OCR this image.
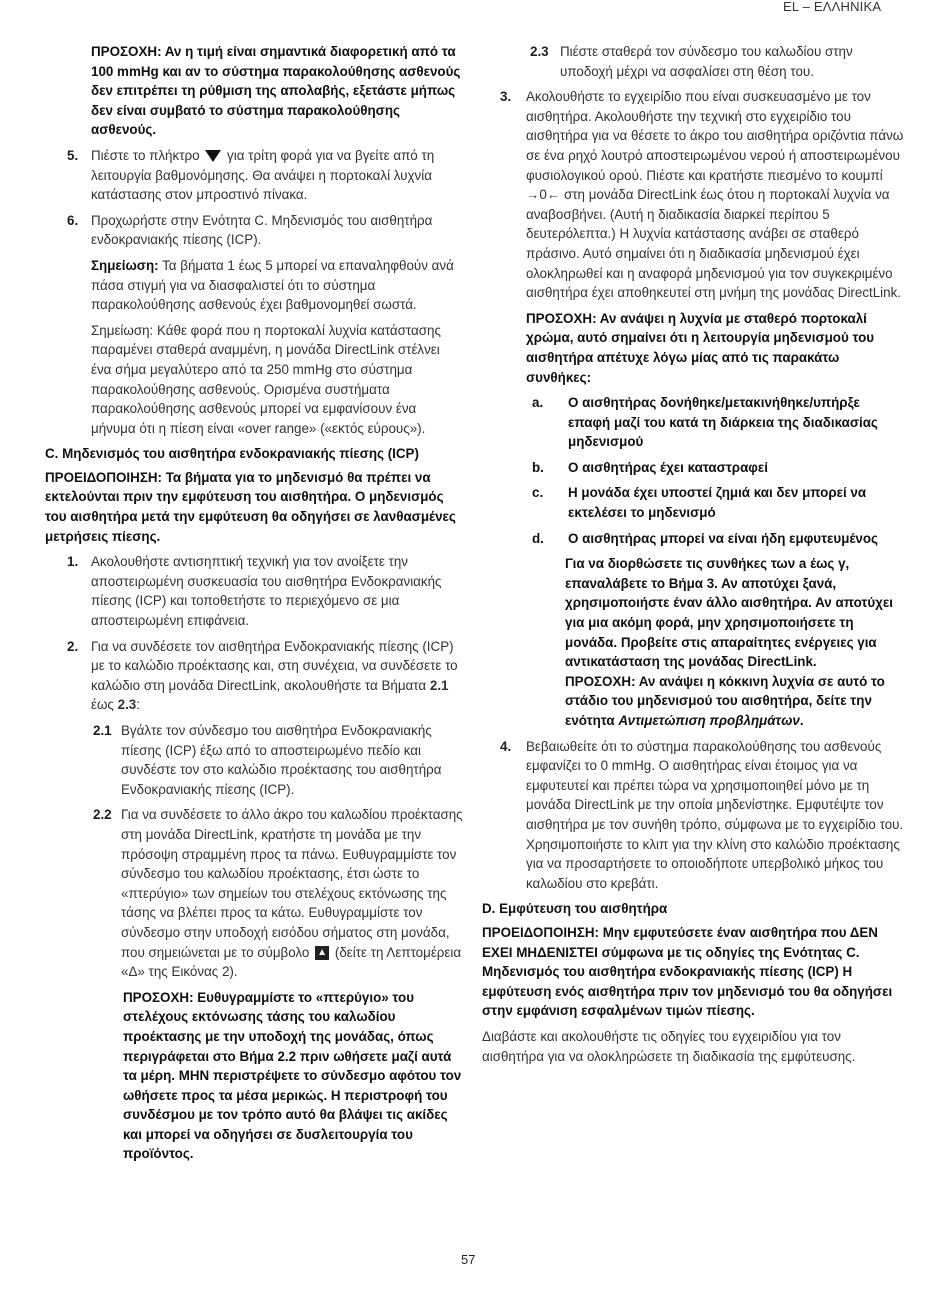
EL – ΕΛΛΗΝΙΚΑ

ΠΡΟΣΟΧΗ: Αν η τιμή είναι σημαντικά διαφορετική από τα 100 mmHg και αν το σύστημα παρακολούθησης ασθενούς δεν επιτρέπει τη ρύθμιση της απολαβής, εξετάστε μήπως δεν είναι συμβατό το σύστημα παρακολούθησης ασθενούς.

5. Πιέστε το πλήκτρο για τρίτη φορά για να βγείτε από τη λειτουργία βαθμονόμησης. Θα ανάψει η πορτοκαλί λυχνία κατάστασης στον μπροστινό πίνακα.
6. Προχωρήστε στην Ενότητα C. Μηδενισμός του αισθητήρα ενδοκρανιακής πίεσης (ICP).

Σημείωση: Τα βήματα 1 έως 5 μπορεί να επαναληφθούν ανά πάσα στιγμή για να διασφαλιστεί ότι το σύστημα παρακολούθησης ασθενούς έχει βαθμονομηθεί σωστά.

Σημείωση: Κάθε φορά που η πορτοκαλί λυχνία κατάστασης παραμένει σταθερά αναμμένη, η μονάδα DirectLink στέλνει ένα σήμα μεγαλύτερο από τα 250 mmHg στο σύστημα παρακολούθησης ασθενούς. Ορισμένα συστήματα παρακολούθησης ασθενούς μπορεί να εμφανίσουν ένα μήνυμα ότι η πίεση είναι «over range» («εκτός εύρους»).

C. Μηδενισμός του αισθητήρα ενδοκρανιακής πίεσης (ICP)

ΠΡΟΕΙΔΟΠΟΙΗΣΗ: Τα βήματα για το μηδενισμό θα πρέπει να εκτελούνται πριν την εμφύτευση του αισθητήρα. Ο μηδενισμός του αισθητήρα μετά την εμφύτευση θα οδηγήσει σε λανθασμένες μετρήσεις πίεσης.

1. Ακολουθήστε αντισηπτική τεχνική για τον ανοίξετε την αποστειρωμένη συσκευασία του αισθητήρα Ενδοκρανιακής πίεσης (ICP) και τοποθετήστε το περιεχόμενο σε μια αποστειρωμένη επιφάνεια.
2. Για να συνδέσετε τον αισθητήρα Ενδοκρανιακής πίεσης (ICP) με το καλώδιο προέκτασης και, στη συνέχεια, να συνδέσετε το καλώδιο στη μονάδα DirectLink, ακολουθήστε τα Βήματα 2.1 έως 2.3:
2.1 Βγάλτε τον σύνδεσμο του αισθητήρα Ενδοκρανιακής πίεσης (ICP) έξω από το αποστειρωμένο πεδίο και συνδέστε τον στο καλώδιο προέκτασης του αισθητήρα Ενδοκρανιακής πίεσης (ICP).
2.2 Για να συνδέσετε το άλλο άκρο του καλωδίου προέκτασης στη μονάδα DirectLink, κρατήστε τη μονάδα με την πρόσοψη στραμμένη προς τα πάνω. Ευθυγραμμίστε τον σύνδεσμο του καλωδίου προέκτασης, έτσι ώστε το «πτερύγιο» των σημείων του στελέχους εκτόνωσης της τάσης να βλέπει προς τα κάτω. Ευθυγραμμίστε τον σύνδεσμο στην υποδοχή εισόδου σήματος στη μονάδα, που σημειώνεται με το σύμβολο ▲ (δείτε τη Λεπτομέρεια «Δ» της Εικόνας 2).

ΠΡΟΣΟΧΗ: Ευθυγραμμίστε το «πτερύγιο» του στελέχους εκτόνωσης τάσης του καλωδίου προέκτασης με την υποδοχή της μονάδας, όπως περιγράφεται στο Βήμα 2.2 πριν ωθήσετε μαζί αυτά τα μέρη. ΜΗΝ περιστρέψετε το σύνδεσμο αφότου τον ωθήσετε προς τα μέσα μερικώς. Η περιστροφή του συνδέσμου με τον τρόπο αυτό θα βλάψει τις ακίδες και μπορεί να οδηγήσει σε δυσλειτουργία του προϊόντος.

2.3 Πιέστε σταθερά τον σύνδεσμο του καλωδίου στην υποδοχή μέχρι να ασφαλίσει στη θέση του.
3.	Ακολουθήστε το εγχειρίδιο που είναι συσκευασμένο με τον αισθητήρα. Ακολουθήστε την τεχνική στο εγχειρίδιο του αισθητήρα για να θέσετε το άκρο του αισθητήρα οριζόντια πάνω σε ένα ρηχό λουτρό αποστειρωμένου νερού ή αποστειρωμένου φυσιολογικού ορού. Πιέστε και κρατήστε πιεσμένο το κουμπί →0← στη μονάδα DirectLink έως ότου η πορτοκαλί λυχνία να αναβοσβήνει. (Αυτή η διαδικασία διαρκεί περίπου 5 δευτερόλεπτα.) Η λυχνία κατάστασης ανάβει σε σταθερό πράσινο. Αυτό σημαίνει ότι η διαδικασία μηδενισμού έχει ολοκληρωθεί και η αναφορά μηδενισμού για τον συγκεκριμένο αισθητήρα έχει αποθηκευτεί στη μνήμη της μονάδας DirectLink.

ΠΡΟΣΟΧΗ: Αν ανάψει η λυχνία με σταθερό πορτοκαλί χρώμα, αυτό σημαίνει ότι η λειτουργία μηδενισμού του αισθητήρα απέτυχε λόγω μίας από τις παρακάτω συνθήκες:

a.	Ο αισθητήρας δονήθηκε/μετακινήθηκε/υπήρξε επαφή μαζί του κατά τη διάρκεια της διαδικασίας μηδενισμού
b.	Ο αισθητήρας έχει καταστραφεί
c.	Η μονάδα έχει υποστεί ζημιά και δεν μπορεί να εκτελέσει το μηδενισμό
d.	Ο αισθητήρας μπορεί να είναι ήδη εμφυτευμένος

Για να διορθώσετε τις συνθήκες των a έως γ, επαναλάβετε το Βήμα 3. Αν αποτύχει ξανά, χρησιμοποιήστε έναν άλλο αισθητήρα. Αν αποτύχει για μια ακόμη φορά, μην χρησιμοποιήσετε τη μονάδα. Προβείτε στις απαραίτητες ενέργειες για αντικατάσταση της μονάδας DirectLink.

ΠΡΟΣΟΧΗ: Αν ανάψει η κόκκινη λυχνία σε αυτό το στάδιο του μηδενισμού του αισθητήρα, δείτε την ενότητα Αντιμετώπιση προβλημάτων.

4.	Βεβαιωθείτε ότι το σύστημα παρακολούθησης του ασθενούς εμφανίζει το 0 mmHg. Ο αισθητήρας είναι έτοιμος για να εμφυτευτεί και πρέπει τώρα να χρησιμοποιηθεί μόνο με τη μονάδα DirectLink με την οποία μηδενίστηκε. Εμφυτέψτε τον αισθητήρα με τον συνήθη τρόπο, σύμφωνα με το εγχειρίδιο του. Χρησιμοποιήστε το κλιπ για την κλίνη στο καλώδιο προέκτασης για να προσαρτήσετε το οποιοδήποτε υπερβολικό μήκος του καλωδίου στο κρεβάτι.

D. Εμφύτευση του αισθητήρα

ΠΡΟΕΙΔΟΠΟΙΗΣΗ: Μην εμφυτεύσετε έναν αισθητήρα που ΔΕΝ ΕΧΕΙ ΜΗΔΕΝΙΣΤΕΙ σύμφωνα με τις οδηγίες της Ενότητας C. Μηδενισμός του αισθητήρα ενδοκρανιακής πίεσης (ICP) Η εμφύτευση ενός αισθητήρα πριν τον μηδενισμό του θα οδηγήσει στην εμφάνιση εσφαλμένων τιμών πίεσης.

Διαβάστε και ακολουθήστε τις οδηγίες του εγχειριδίου για τον αισθητήρα για να ολοκληρώσετε τη διαδικασία της εμφύτευσης.

57
